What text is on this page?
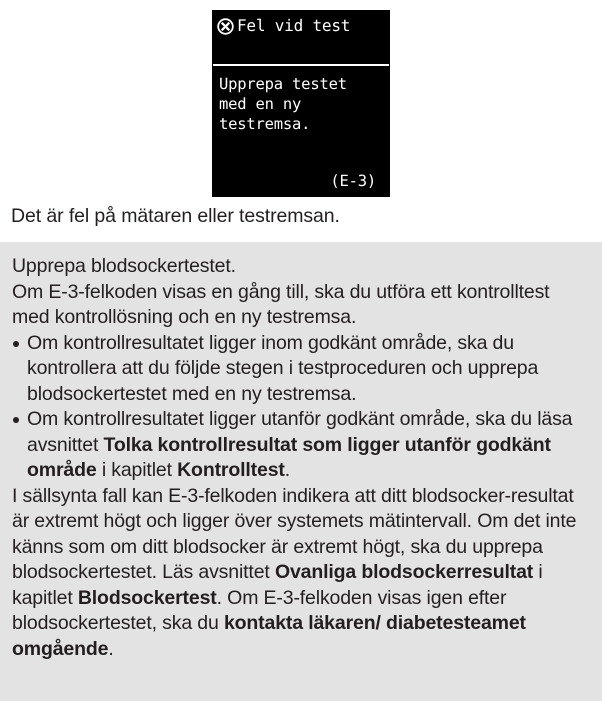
Fel vid test
Upprepa testet
med en ny
testremsa.
(E-3)
Det är fel på mätaren eller testremsan.

Upprepa blodsockertestet.

Om E-3-felkoden visas en gång till, ska du utföra ett kontrolltest med kontrollösning och en ny testremsa.

Om kontrollresultatet ligger inom godkänt område, ska du kontrollera att du följde stegen i testproceduren och upprepa blodsockertestet med en ny testremsa.
Om kontrollresultatet ligger utanför godkänt område, ska du läsa avsnittet Tolka kontrollresultat som ligger utanför godkänt område i kapitlet Kontrolltest.

I sällsynta fall kan E-3-felkoden indikera att ditt blodsocker-resultat är extremt högt och ligger över systemets mätintervall. Om det inte känns som om ditt blodsocker är extremt högt, ska du upprepa blodsockertestet. Läs avsnittet Ovanliga blodsockerresultat i kapitlet Blodsockertest. Om E-3-felkoden visas igen efter blodsockertestet, ska du kontakta läkaren/ diabetesteamet omgående.
